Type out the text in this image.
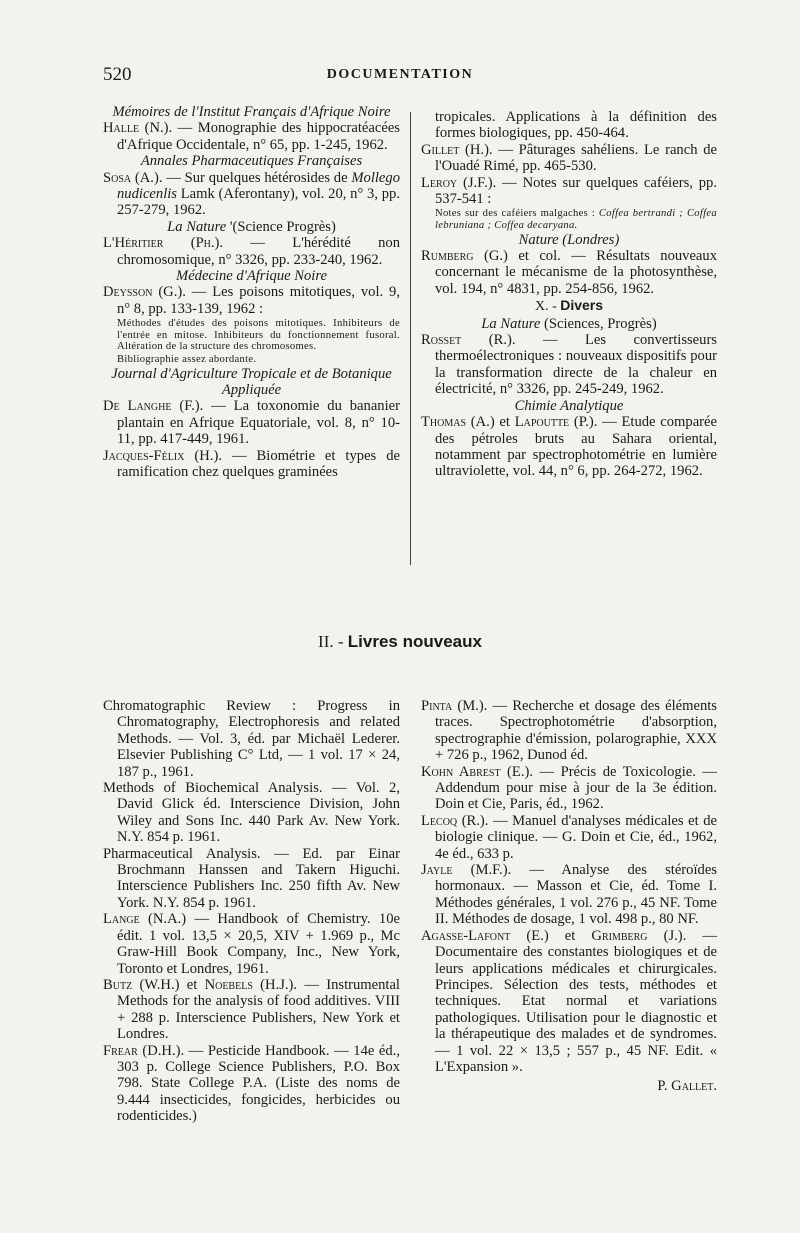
520	DOCUMENTATION

Mémoires de l'Institut Français d'Afrique Noire

Halle (N.). — Monographie des hippocratéacées d'Afrique Occidentale, n° 65, pp. 1-245, 1962.

Annales Pharmaceutiques Françaises

Sosa (A.). — Sur quelques hétérosides de Mollego nudicenlis Lamk (Aferontany), vol. 20, n° 3, pp. 257-279, 1962.

La Nature '(Science Progrès)

L'Héritier (Ph.). — L'hérédité non chromosomique, n° 3326, pp. 233-240, 1962.

Médecine d'Afrique Noire

Deysson (G.). — Les poisons mitotiques, vol. 9, n° 8, pp. 133-139, 1962 :

Méthodes d'études des poisons mitotiques. Inhibiteurs de l'entrée en mitose. Inhibiteurs du fonctionnement fusoral. Altération de la structure des chromosomes.

Bibliographie assez abordante.

Journal d'Agriculture Tropicale et de Botanique Appliquée

De Langhe (F.). — La toxonomie du bananier plantain en Afrique Equatoriale, vol. 8, n° 10-11, pp. 417-449, 1961.

Jacques-Félix (H.). — Biométrie et types de ramification chez quelques graminées

tropicales. Applications à la définition des formes biologiques, pp. 450-464.

Gillet (H.). — Pâturages sahéliens. Le ranch de l'Ouadé Rimé, pp. 465-530.

Leroy (J.F.). — Notes sur quelques caféiers, pp. 537-541 :

Notes sur des caféiers malgaches : Coffea bertrandi ; Coffea lebruniana ; Coffea decaryana.

Nature (Londres)

Rumberg (G.) et col. — Résultats nouveaux concernant le mécanisme de la photosynthèse, vol. 194, n° 4831, pp. 254-856, 1962.

X. - Divers

La Nature (Sciences, Progrès)

Rosset (R.). — Les convertisseurs thermoélectroniques : nouveaux dispositifs pour la transformation directe de la chaleur en électricité, n° 3326, pp. 245-249, 1962.

Chimie Analytique

Thomas (A.) et Lapoutte (P.). — Etude comparée des pétroles bruts au Sahara oriental, notamment par spectrophotométrie en lumière ultraviolette, vol. 44, n° 6, pp. 264-272, 1962.

II. - Livres nouveaux

Chromatographic Review : Progress in Chromatography, Electrophoresis and related Methods. — Vol. 3, éd. par Michaël Lederer. Elsevier Publishing C° Ltd, — 1 vol. 17 × 24, 187 p., 1961.

Methods of Biochemical Analysis. — Vol. 2, David Glick éd. Interscience Division, John Wiley and Sons Inc. 440 Park Av. New York. N.Y. 854 p. 1961.

Pharmaceutical Analysis. — Ed. par Einar Brochmann Hanssen and Takern Higuchi. Interscience Publishers Inc. 250 fifth Av. New York. N.Y. 854 p. 1961.

Lange (N.A.) — Handbook of Chemistry. 10e édit. 1 vol. 13,5 × 20,5, XIV + 1.969 p., Mc Graw-Hill Book Company, Inc., New York, Toronto et Londres, 1961.

Butz (W.H.) et Noebels (H.J.). — Instrumental Methods for the analysis of food additives. VIII + 288 p. Interscience Publishers, New York et Londres.

Frear (D.H.). — Pesticide Handbook. — 14e éd., 303 p. College Science Publishers, P.O. Box 798. State College P.A. (Liste des noms de 9.444 insecticides, fongicides, herbicides ou rodenticides.)

Pinta (M.). — Recherche et dosage des éléments traces. Spectrophotométrie d'absorption, spectrographie d'émission, polarographie, XXX + 726 p., 1962, Dunod éd.

Kohn Abrest (E.). — Précis de Toxicologie. — Addendum pour mise à jour de la 3e édition. Doin et Cie, Paris, éd., 1962.

Lecoq (R.). — Manuel d'analyses médicales et de biologie clinique. — G. Doin et Cie, éd., 1962, 4e éd., 633 p.

Jayle (M.F.). — Analyse des stéroïdes hormonaux. — Masson et Cie, éd. Tome I. Méthodes générales, 1 vol. 276 p., 45 NF. Tome II. Méthodes de dosage, 1 vol. 498 p., 80 NF.

Agasse-Lafont (E.) et Grimberg (J.). — Documentaire des constantes biologiques et de leurs applications médicales et chirurgicales. Principes. Sélection des tests, méthodes et techniques. Etat normal et variations pathologiques. Utilisation pour le diagnostic et la thérapeutique des malades et de syndromes. — 1 vol. 22 × 13,5 ; 557 p., 45 NF. Edit. « L'Expansion ».

P. Gallet.
